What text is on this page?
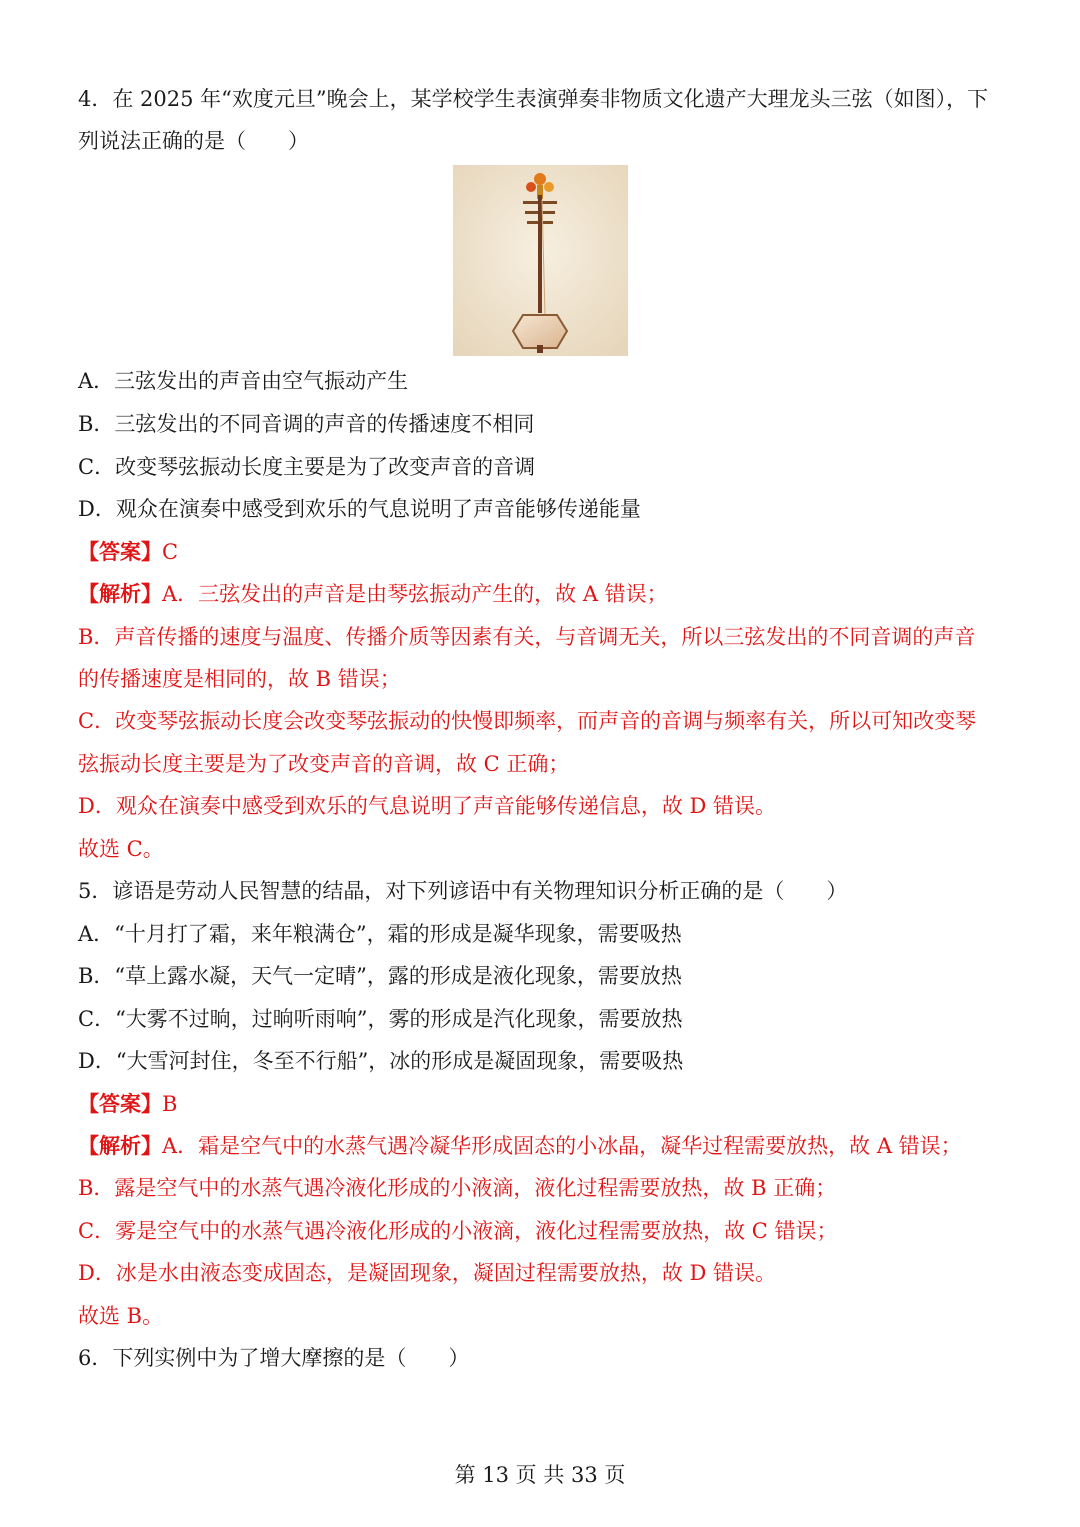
4．在 2025 年“欢度元旦”晚会上，某学校学生表演弹奏非物质文化遗产大理龙头三弦（如图），下
列说法正确的是（　　）
A．三弦发出的声音由空气振动产生
B．三弦发出的不同音调的声音的传播速度不相同
C．改变琴弦振动长度主要是为了改变声音的音调
D．观众在演奏中感受到欢乐的气息说明了声音能够传递能量
【答案】C
【解析】A．三弦发出的声音是由琴弦振动产生的，故 A 错误；
B．声音传播的速度与温度、传播介质等因素有关，与音调无关，所以三弦发出的不同音调的声音
的传播速度是相同的，故 B 错误；
C．改变琴弦振动长度会改变琴弦振动的快慢即频率，而声音的音调与频率有关，所以可知改变琴
弦振动长度主要是为了改变声音的音调，故 C 正确；
D．观众在演奏中感受到欢乐的气息说明了声音能够传递信息，故 D 错误。
故选 C。
5．谚语是劳动人民智慧的结晶，对下列谚语中有关物理知识分析正确的是（　　）
A．“十月打了霜，来年粮满仓”，霜的形成是凝华现象，需要吸热
B．“草上露水凝，天气一定晴”，露的形成是液化现象，需要放热
C．“大雾不过晌，过晌听雨响”，雾的形成是汽化现象，需要放热
D．“大雪河封住，冬至不行船”，冰的形成是凝固现象，需要吸热
【答案】B
【解析】A．霜是空气中的水蒸气遇冷凝华形成固态的小冰晶，凝华过程需要放热，故 A 错误；
B．露是空气中的水蒸气遇冷液化形成的小液滴，液化过程需要放热，故 B 正确；
C．雾是空气中的水蒸气遇冷液化形成的小液滴，液化过程需要放热，故 C 错误；
D．冰是水由液态变成固态，是凝固现象，凝固过程需要放热，故 D 错误。
故选 B。
6．下列实例中为了增大摩擦的是（　　）
第 13 页 共 33 页
